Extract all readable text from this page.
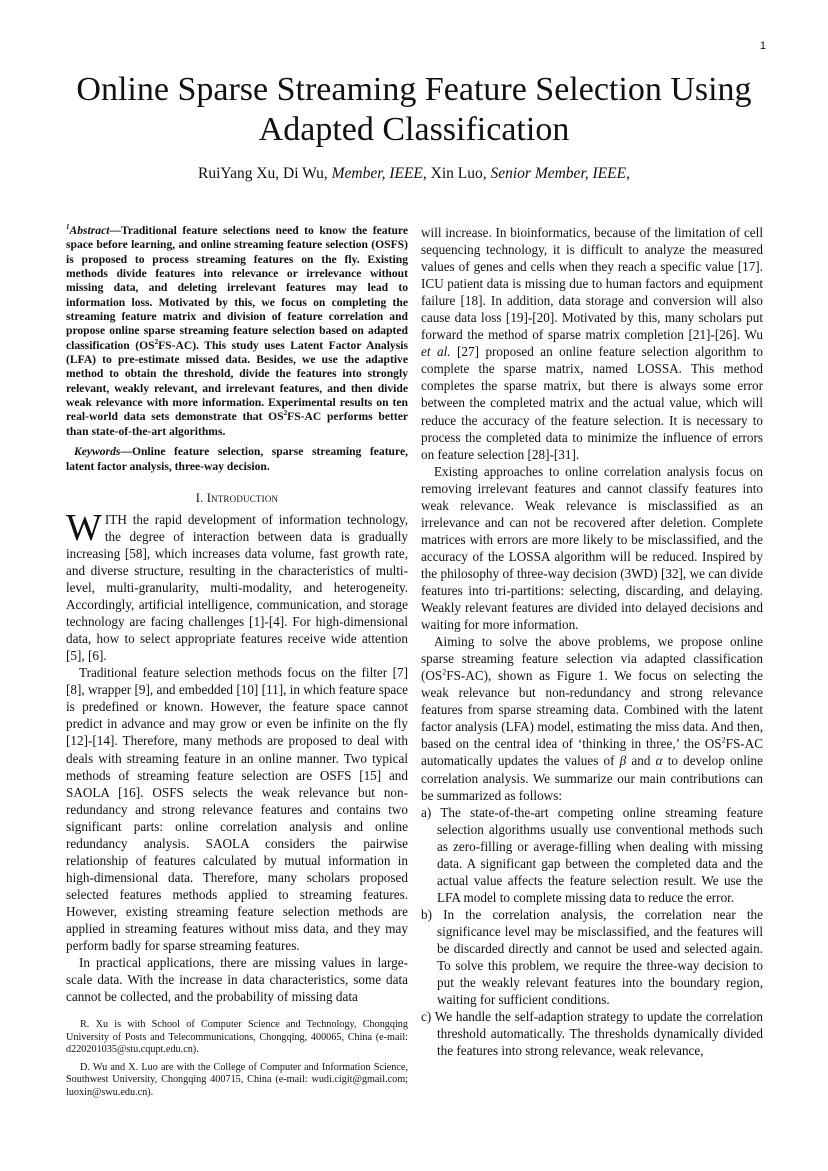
1
Online Sparse Streaming Feature Selection Using Adapted Classification
RuiYang Xu, Di Wu, Member, IEEE, Xin Luo, Senior Member, IEEE,

$^1$Abstract—Traditional feature selections need to know the feature space before learning, and online streaming feature selection (OSFS) is proposed to process streaming features on the fly. Existing methods divide features into relevance or irrelevance without missing data, and deleting irrelevant features may lead to information loss. Motivated by this, we focus on completing the streaming feature matrix and division of feature correlation and propose online sparse streaming feature selection based on adapted classification $(OS^2FS-AC)$. This study uses Latent Factor Analysis (LFA) to pre-estimate missed data. Besides, we use the adaptive method to obtain the threshold, divide the features into strongly relevant, weakly relevant, and irrelevant features, and then divide weak relevance with more information. Experimental results on ten real-world data sets demonstrate that $OS^2FS-AC$ performs better than state-of-the-art algorithms.

Keywords—Online feature selection, sparse streaming feature, latent factor analysis, three-way decision.

I. Introduction

WITH the rapid development of information technology, the degree of interaction between data is gradually increasing [58], which increases data volume, fast growth rate, and diverse structure, resulting in the characteristics of multi-level, multi-granularity, multi-modality, and heterogeneity. Accordingly, artificial intelligence, communication, and storage technology are facing challenges [1]-[4]. For high-dimensional data, how to select appropriate features receive wide attention [5], [6].

Traditional feature selection methods focus on the filter [7] [8], wrapper [9], and embedded [10] [11], in which feature space is predefined or known. However, the feature space cannot predict in advance and may grow or even be infinite on the fly [12]-[14]. Therefore, many methods are proposed to deal with deals with streaming feature in an online manner. Two typical methods of streaming feature selection are OSFS [15] and SAOLA [16]. OSFS selects the weak relevance but non-redundancy and strong relevance features and contains two significant parts: online correlation analysis and online redundancy analysis. SAOLA considers the pairwise relationship of features calculated by mutual information in high-dimensional data. Therefore, many scholars proposed selected features methods applied to streaming features. However, existing streaming feature selection methods are applied in streaming features without miss data, and they may perform badly for sparse streaming features.

In practical applications, there are missing values in large-scale data. With the increase in data characteristics, some data cannot be collected, and the probability of missing data

R. Xu is with School of Computer Science and Technology, Chongqing University of Posts and Telecommunications, Chongqing, 400065, China (e-mail: d220201035@stu.cqupt.edu.cn).

D. Wu and X. Luo are with the College of Computer and Information Science, Southwest University, Chongqing 400715, China (e-mail: wudi.cigit@gmail.com; luoxin@swu.edu.cn).

will increase. In bioinformatics, because of the limitation of cell sequencing technology, it is difficult to analyze the measured values of genes and cells when they reach a specific value [17]. ICU patient data is missing due to human factors and equipment failure [18]. In addition, data storage and conversion will also cause data loss [19]-[20]. Motivated by this, many scholars put forward the method of sparse matrix completion [21]-[26]. Wu et al. [27] proposed an online feature selection algorithm to complete the sparse matrix, named LOSSA. This method completes the sparse matrix, but there is always some error between the completed matrix and the actual value, which will reduce the accuracy of the feature selection. It is necessary to process the completed data to minimize the influence of errors on feature selection [28]-[31].

Existing approaches to online correlation analysis focus on removing irrelevant features and cannot classify features into weak relevance. Weak relevance is misclassified as an irrelevance and can not be recovered after deletion. Complete matrices with errors are more likely to be misclassified, and the accuracy of the LOSSA algorithm will be reduced. Inspired by the philosophy of three-way decision (3WD) [32], we can divide features into tri-partitions: selecting, discarding, and delaying. Weakly relevant features are divided into delayed decisions and waiting for more information.

Aiming to solve the above problems, we propose online sparse streaming feature selection via adapted classification $(OS^2FS-AC)$, shown as Figure 1. We focus on selecting the weak relevance but non-redundancy and strong relevance features from sparse streaming data. Combined with the latent factor analysis (LFA) model, estimating the miss data. And then, based on the central idea of ‘thinking in three,’ the $OS^2FS-AC$ automatically updates the values of β and α to develop online correlation analysis. We summarize our main contributions can be summarized as follows:

a) The state-of-the-art competing online streaming feature selection algorithms usually use conventional methods such as zero-filling or average-filling when dealing with missing data. A significant gap between the completed data and the actual value affects the feature selection result. We use the LFA model to complete missing data to reduce the error.

b) In the correlation analysis, the correlation near the significance level may be misclassified, and the features will be discarded directly and cannot be used and selected again. To solve this problem, we require the three-way decision to put the weakly relevant features into the boundary region, waiting for sufficient conditions.

c) We handle the self-adaption strategy to update the correlation threshold automatically. The thresholds dynamically divided the features into strong relevance, weak relevance,
